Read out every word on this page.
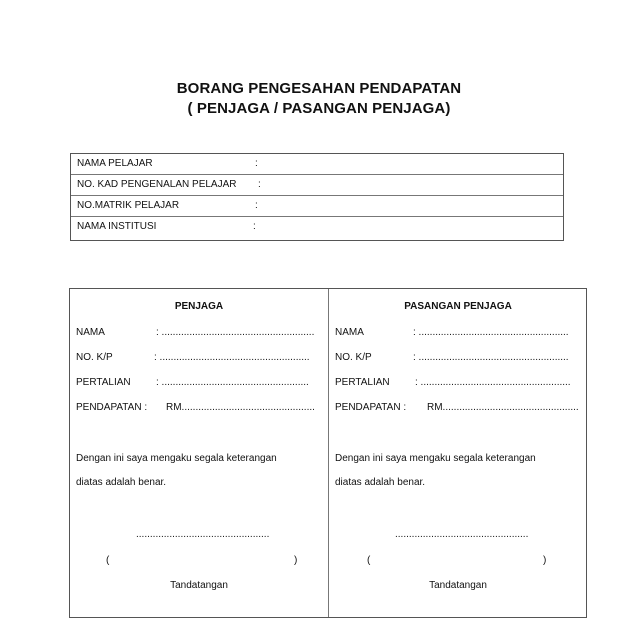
BORANG PENGESAHAN PENDAPATAN
( PENJAGA / PASANGAN PENJAGA)
NAMA PELAJAR	:
NO. KAD PENGENALAN PELAJAR :
NO.MATRIK PELAJAR	:
NAMA INSTITUSI	:
PENJAGA
NAMA	: .......................................................
NO. K/P	: ......................................................
PERTALIAN	: .....................................................
PENDAPATAN : RM................................................
Dengan ini saya mengaku segala keterangan
diatas adalah benar.
................................................
(	)
Tandatangan
PASANGAN PENJAGA
NAMA	: ......................................................
NO. K/P	: ......................................................
PERTALIAN	: ......................................................
PENDAPATAN : RM.................................................
Dengan ini saya mengaku segala keterangan
diatas adalah benar.
................................................
(	)
Tandatangan
